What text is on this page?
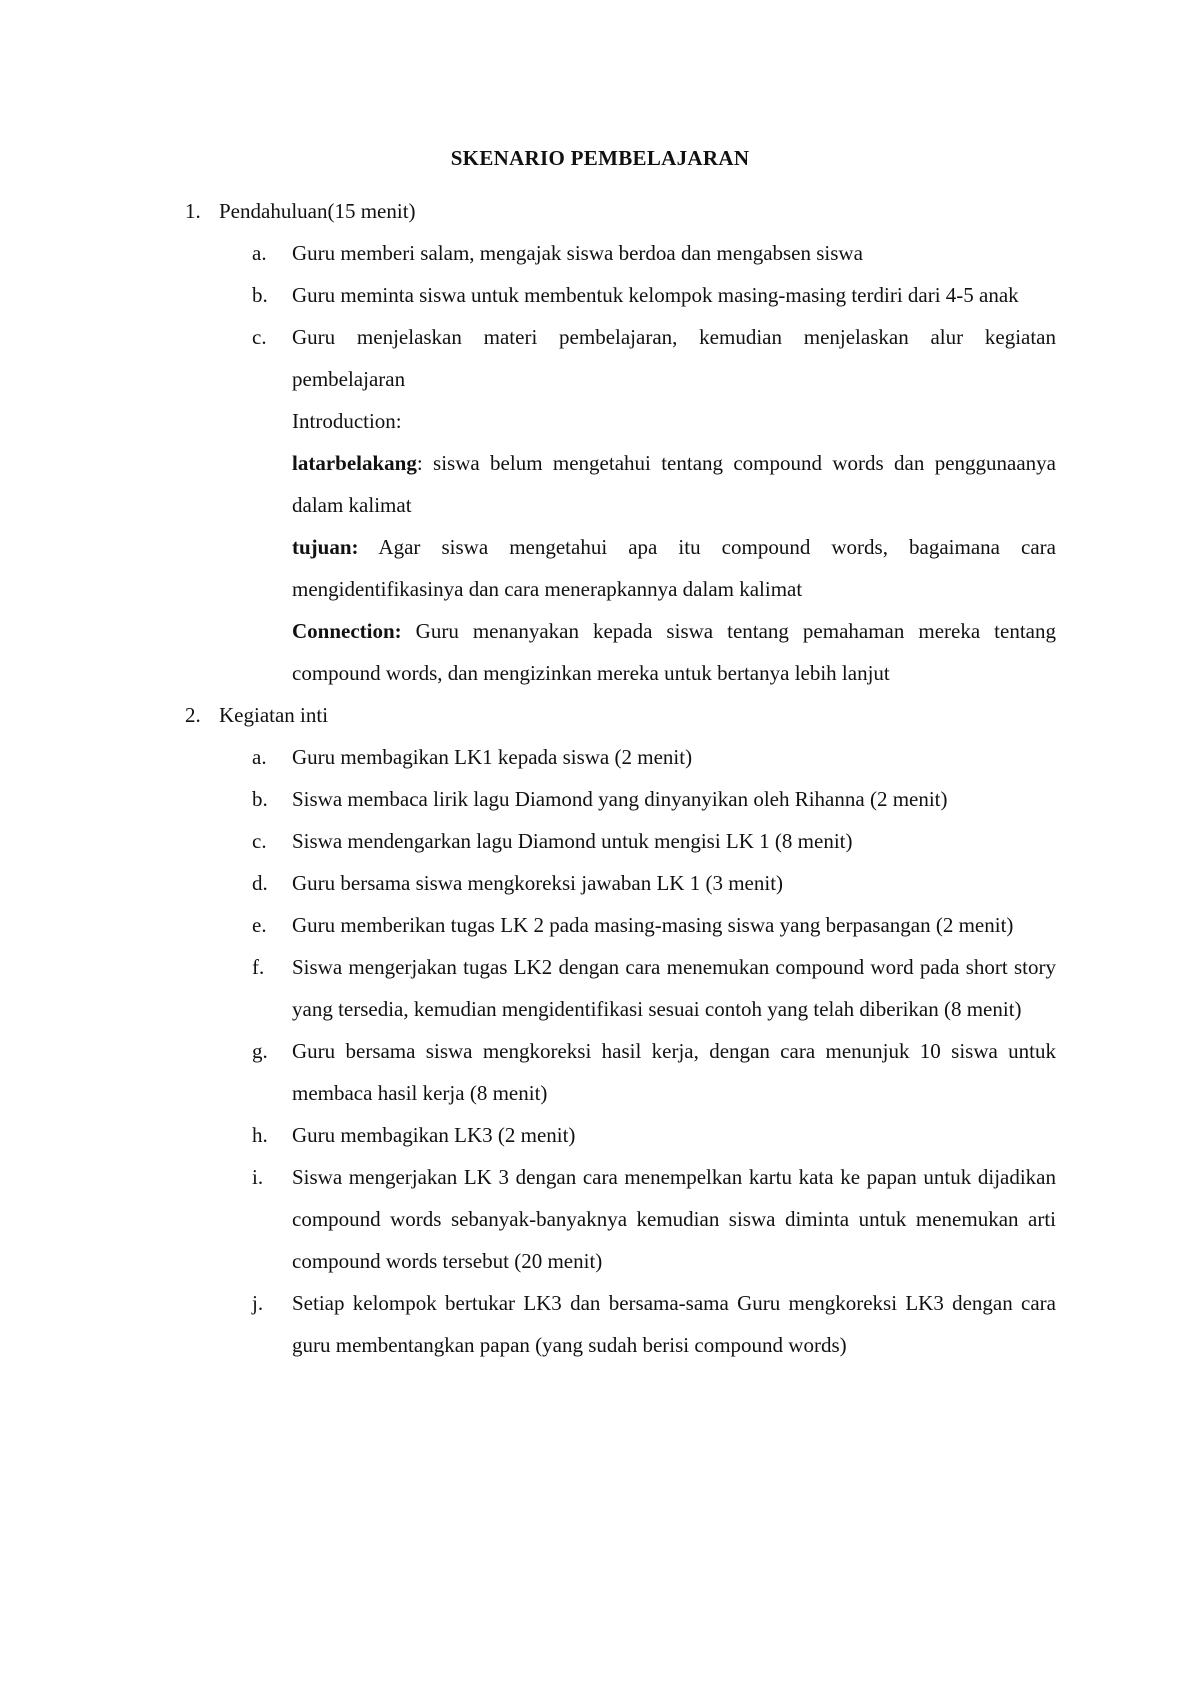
SKENARIO PEMBELAJARAN
1. Pendahuluan(15 menit)
a. Guru memberi salam, mengajak siswa berdoa dan mengabsen siswa
b. Guru meminta siswa untuk membentuk kelompok masing-masing terdiri dari 4-5 anak
c. Guru menjelaskan materi pembelajaran, kemudian menjelaskan alur kegiatan pembelajaran
Introduction:
latarbelakang: siswa belum mengetahui tentang compound words dan penggunaanya dalam kalimat
tujuan: Agar siswa mengetahui apa itu compound words, bagaimana cara mengidentifikasinya dan cara menerapkannya dalam kalimat
Connection: Guru menanyakan kepada siswa tentang pemahaman mereka tentang compound words, dan mengizinkan mereka untuk bertanya lebih lanjut
2. Kegiatan inti
a. Guru membagikan LK1 kepada siswa (2 menit)
b. Siswa membaca lirik lagu Diamond yang dinyanyikan oleh Rihanna (2 menit)
c. Siswa mendengarkan lagu Diamond untuk mengisi LK 1 (8 menit)
d. Guru bersama siswa mengkoreksi jawaban LK 1 (3 menit)
e. Guru memberikan tugas LK 2 pada masing-masing siswa yang berpasangan (2 menit)
f. Siswa mengerjakan tugas LK2 dengan cara menemukan compound word pada short story yang tersedia, kemudian mengidentifikasi sesuai contoh yang telah diberikan (8 menit)
g. Guru bersama siswa mengkoreksi hasil kerja, dengan cara menunjuk 10 siswa untuk membaca hasil kerja (8 menit)
h. Guru membagikan LK3 (2 menit)
i. Siswa mengerjakan LK 3 dengan cara menempelkan kartu kata ke papan untuk dijadikan compound words sebanyak-banyaknya kemudian siswa diminta untuk menemukan arti compound words tersebut (20 menit)
j. Setiap kelompok bertukar LK3 dan bersama-sama Guru mengkoreksi LK3 dengan cara guru membentangkan papan (yang sudah berisi compound words)
